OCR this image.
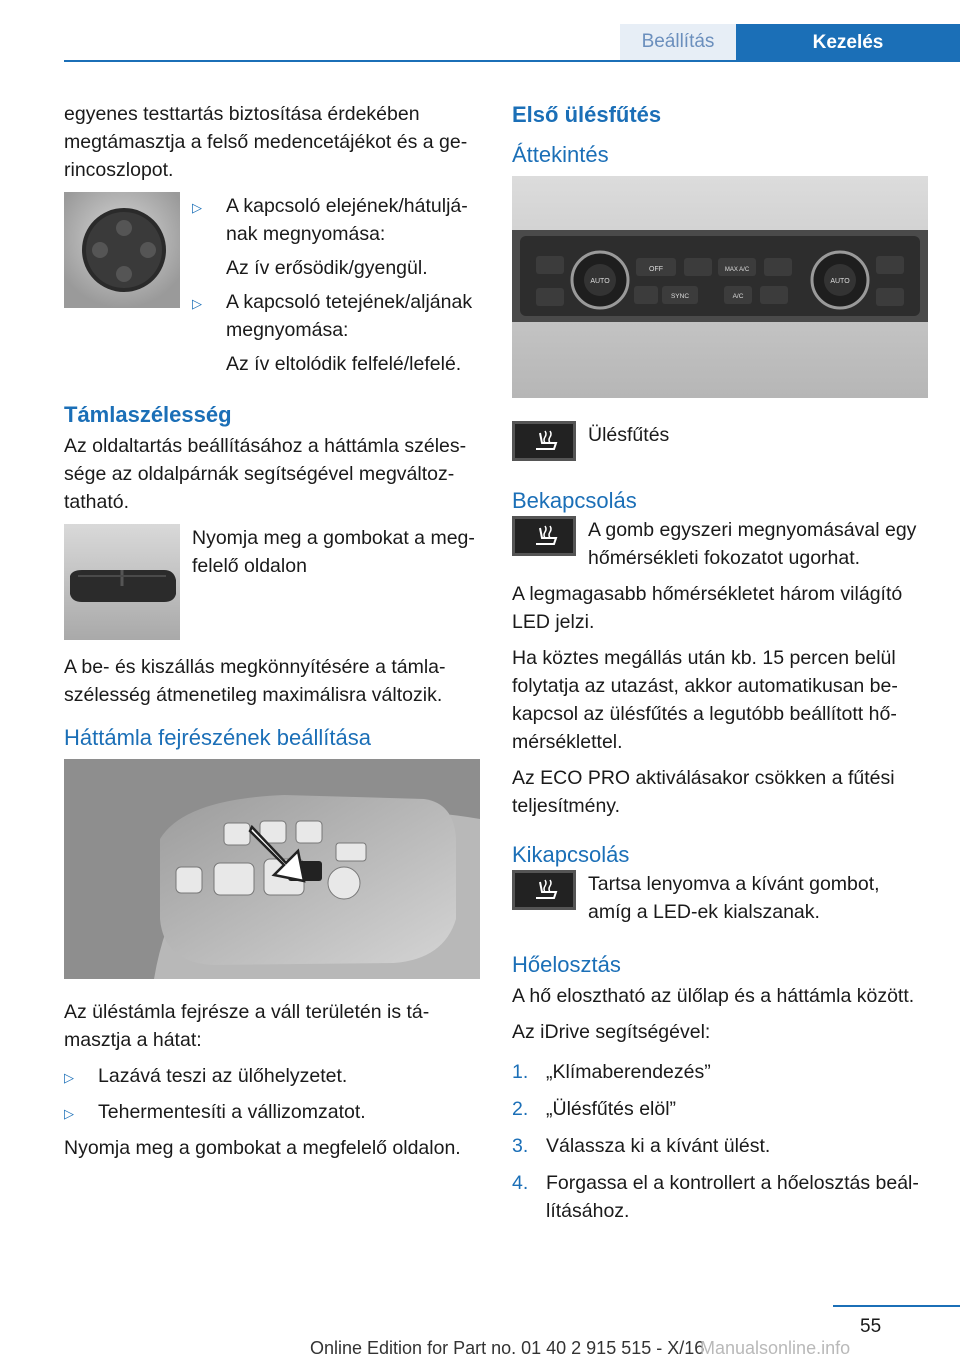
Beállítás	Kezelés

egyenes testtartás biztosítása érdekében megtámasztja a felső medencetájékot és a gerincoszlopot.

▷	A kapcsoló elejének/hátuljának megnyomása:
Az ív erősödik/gyengül.
▷	A kapcsoló tetejének/aljának megnyomása:
Az ív eltolódik felfelé/lefelé.
Támlaszélesség

Az oldaltartás beállításához a háttámla szélessége az oldalpárnák segítségével megváltoztatható.

Nyomja meg a gombokat a megfelelő oldalon

A be- és kiszállás megkönnyítésére a támlaszélesség átmenetileg maximálisra változik.

Háttámla fejrészének beállítása

Az üléstámla fejrésze a váll területén is támasztja a hátat:

▷	Lazává teszi az ülőhelyzetet.
▷	Tehermentesíti a vállizomzatot.

Nyomja meg a gombokat a megfelelő oldalon.

Első ülésfűtés
Áttekintés
AUTO	AUTO
OFF	MAX A/C
SYNC	A/C
Ülésfűtés
Bekapcsolás
A gomb egyszeri megnyomásával egy hőmérsékleti fokozatot ugorhat.

A legmagasabb hőmérsékletet három világító LED jelzi.

Ha köztes megállás után kb. 15 percen belül folytatja az utazást, akkor automatikusan bekapcsol az ülésfűtés a legutóbb beállított hőmérséklettel.

Az ECO PRO aktiválásakor csökken a fűtési teljesítmény.

Kikapcsolás
Tartsa lenyomva a kívánt gombot, amíg a LED-ek kialszanak.
Hőelosztás

A hő elosztható az ülőlap és a háttámla között.

Az iDrive segítségével:

1. „Klímaberendezés”
2. „Ülésfűtés elöl”
3. Válassza ki a kívánt ülést.
4. Forgassa el a kontrollert a hőelosztás beállításához.
55
Online Edition for Part no. 01 40 2 915 515 - X/16
Manualsonline.info
